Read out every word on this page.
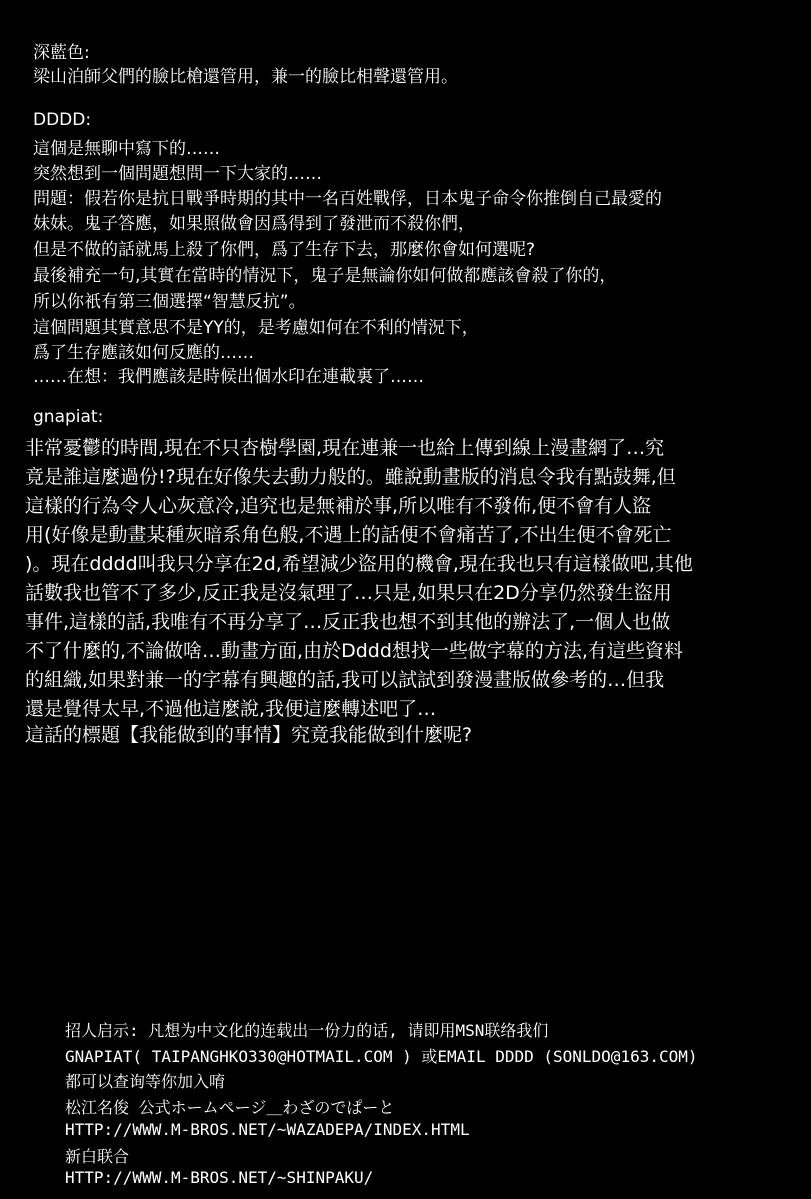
深藍色:
梁山泊師父們的臉比槍還管用，兼一的臉比相聲還管用。
DDDD:
這個是無聊中寫下的……
突然想到一個問題想問一下大家的……
問題：假若你是抗日戰爭時期的其中一名百姓戰俘，日本鬼子命令你推倒自己最愛的
妹妹。鬼子答應，如果照做會因爲得到了發泄而不殺你們，
但是不做的話就馬上殺了你們，爲了生存下去，那麼你會如何選呢?
最後補充一句,其實在當時的情況下，鬼子是無論你如何做都應該會殺了你的，
所以你衹有第三個選擇“智慧反抗”。
這個問題其實意思不是YY的，是考慮如何在不利的情況下，
爲了生存應該如何反應的……
……在想：我們應該是時候出個水印在連載裏了……
gnapiat:
非常憂鬱的時間,現在不只杏樹學園,現在連兼一也給上傳到線上漫畫網了…究
竟是誰這麼過份!?現在好像失去動力般的。雖說動畫版的消息令我有點鼓舞,但
這樣的行為令人心灰意冷,追究也是無補於事,所以唯有不發佈,便不會有人盜
用(好像是動畫某種灰暗系角色般,不遇上的話便不會痛苦了,不出生便不會死亡
)。現在dddd叫我只分享在2d,希望減少盜用的機會,現在我也只有這樣做吧,其他
話數我也管不了多少,反正我是沒氣理了…只是,如果只在2D分享仍然發生盜用
事件,這樣的話,我唯有不再分享了…反正我也想不到其他的辦法了,一個人也做
不了什麼的,不論做啥…動畫方面,由於Dddd想找一些做字幕的方法,有這些資料
的組織,如果對兼一的字幕有興趣的話,我可以試試到發漫畫版做參考的…但我
還是覺得太早,不過他這麼說,我便這麼轉述吧了…
這話的標題【我能做到的事情】究竟我能做到什麼呢?
招人启示: 凡想为中文化的连载出一份力的话, 请即用MSN联络我们
GNAPIAT( TAIPANGHKO330@HOTMAIL.COM ) 或EMAIL DDDD (SONLDO@163.COM)
都可以查询等你加入唷
松江名俊 公式ホームページ＿わざのでぱーと
HTTP://WWW.M-BROS.NET/~WAZADEPA/INDEX.HTML
新白联合
HTTP://WWW.M-BROS.NET/~SHINPAKU/
